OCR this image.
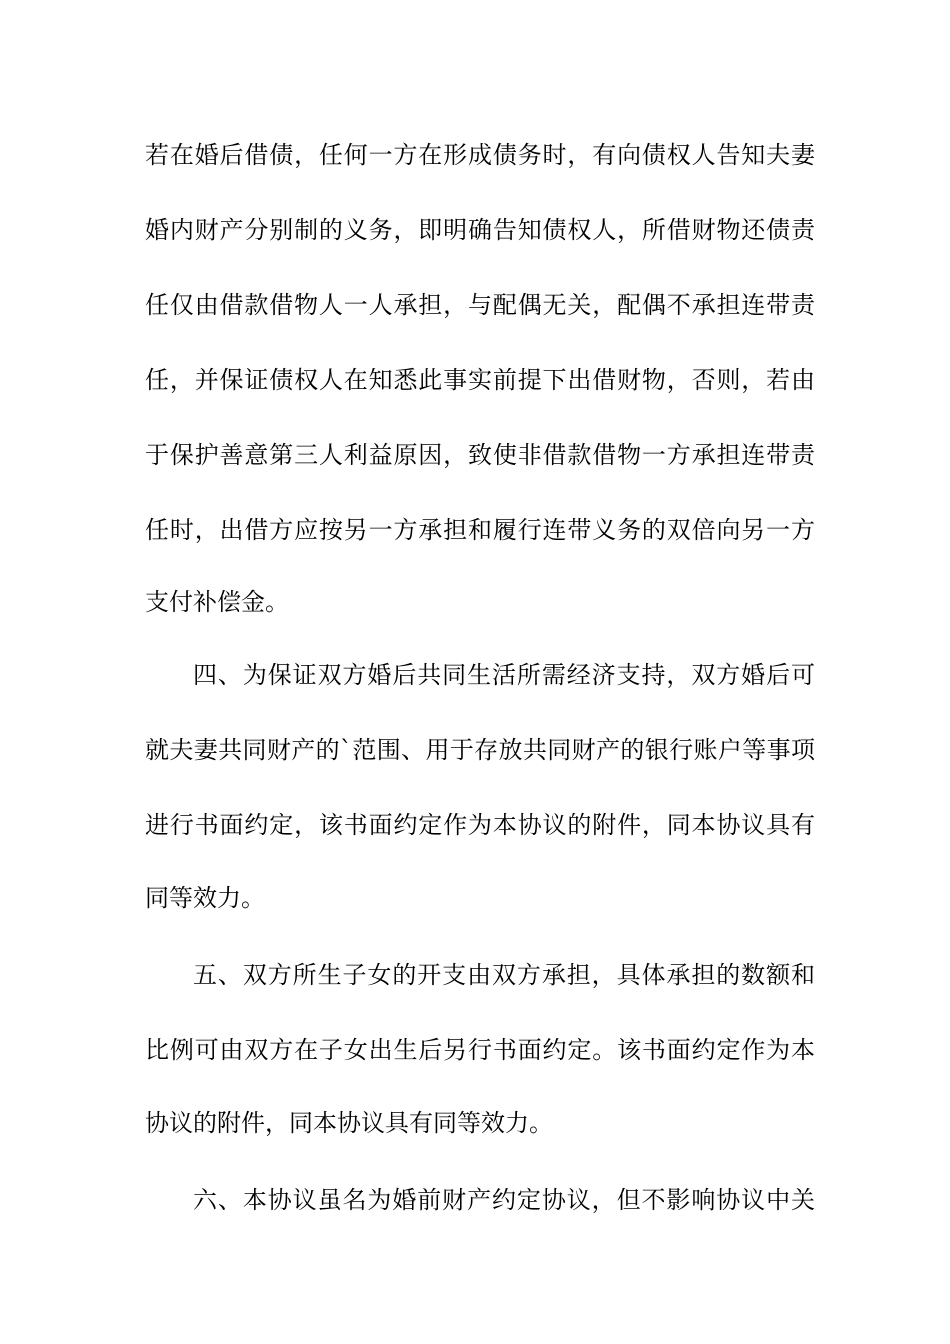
若在婚后借债，任何一方在形成债务时，有向债权人告知夫妻
婚内财产分别制的义务，即明确告知债权人，所借财物还债责
任仅由借款借物人一人承担，与配偶无关，配偶不承担连带责
任，并保证债权人在知悉此事实前提下出借财物，否则，若由
于保护善意第三人利益原因，致使非借款借物一方承担连带责
任时，出借方应按另一方承担和履行连带义务的双倍向另一方
支付补偿金。
四、为保证双方婚后共同生活所需经济支持，双方婚后可
就夫妻共同财产的`范围、用于存放共同财产的银行账户等事项
进行书面约定，该书面约定作为本协议的附件，同本协议具有
同等效力。
五、双方所生子女的开支由双方承担，具体承担的数额和
比例可由双方在子女出生后另行书面约定。该书面约定作为本
协议的附件，同本协议具有同等效力。
六、本协议虽名为婚前财产约定协议，但不影响协议中关
